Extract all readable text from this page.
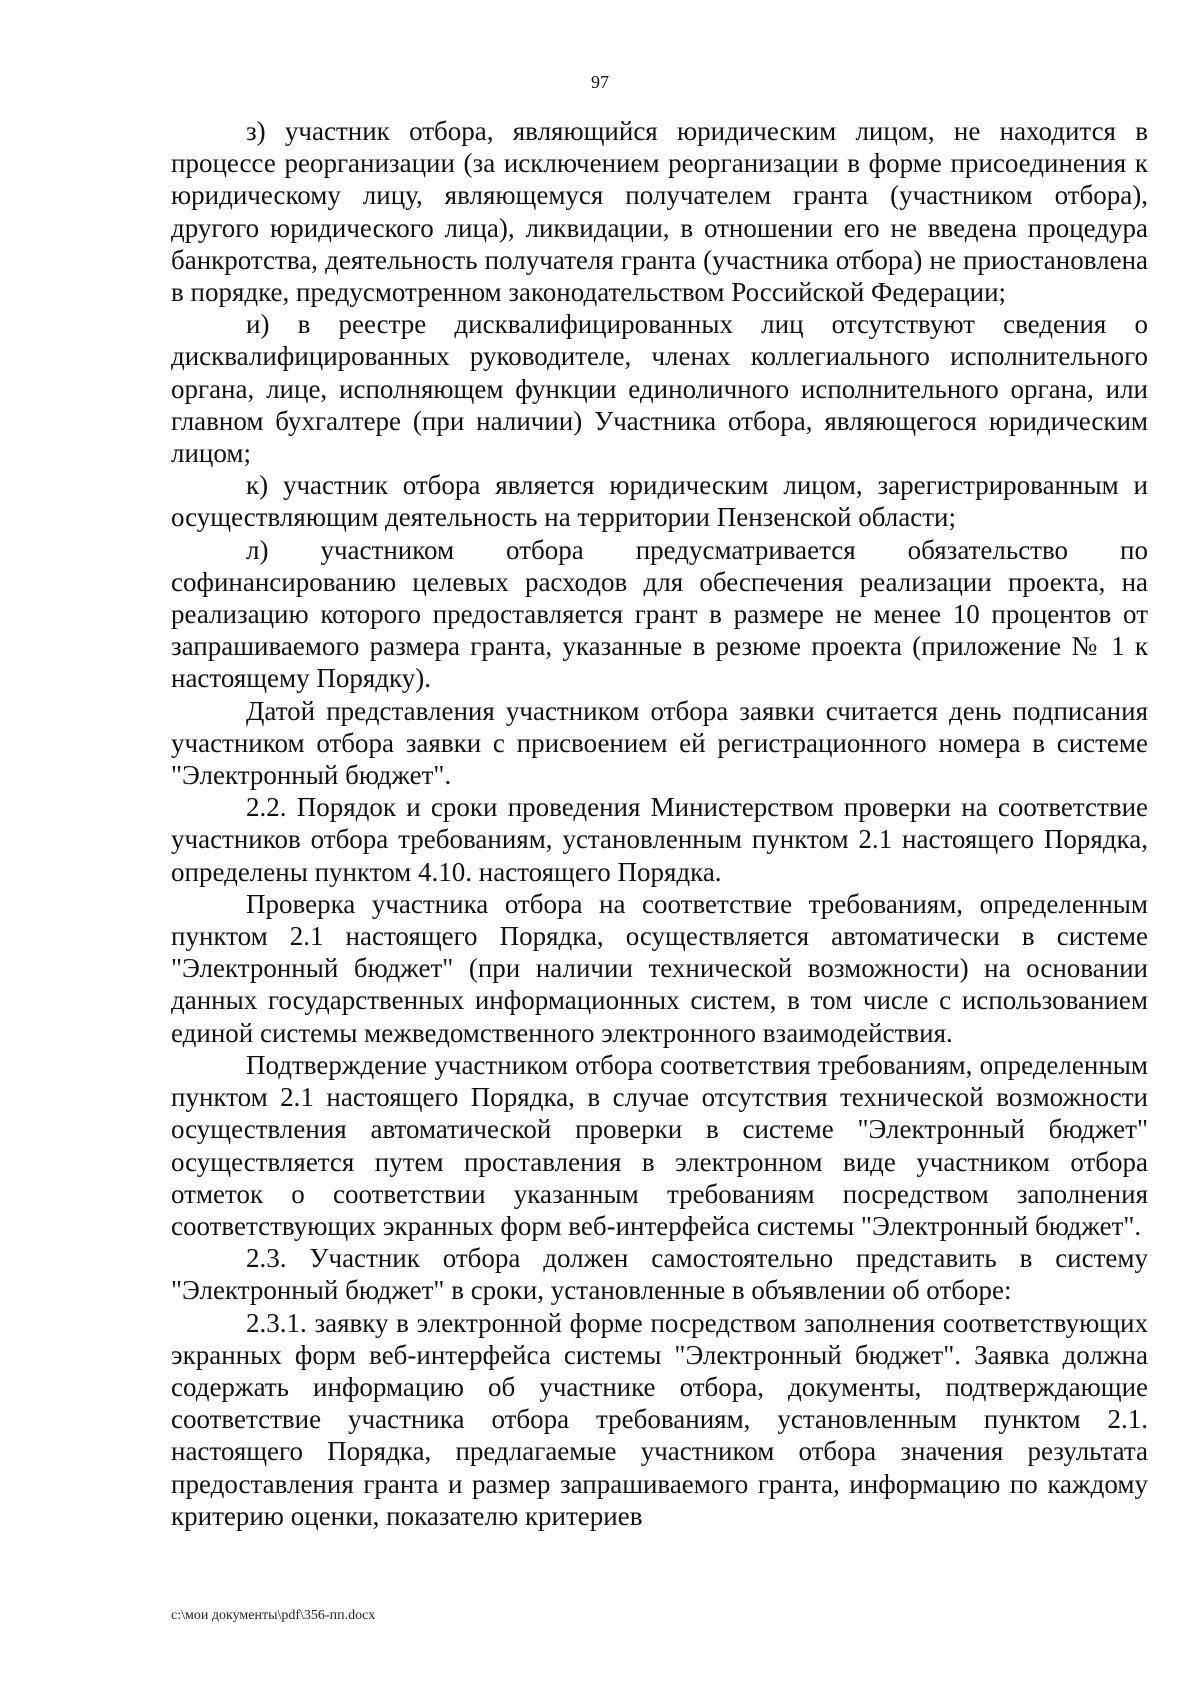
97

з) участник отбора, являющийся юридическим лицом, не находится в процессе реорганизации (за исключением реорганизации в форме присоединения к юридическому лицу, являющемуся получателем гранта (участником отбора), другого юридического лица), ликвидации, в отношении его не введена процедура банкротства, деятельность получателя гранта (участника отбора) не приостановлена в порядке, предусмотренном законодательством Российской Федерации;

и) в реестре дисквалифицированных лиц отсутствуют сведения о дисквалифицированных руководителе, членах коллегиального исполнительного органа, лице, исполняющем функции единоличного исполнительного органа, или главном бухгалтере (при наличии) Участника отбора, являющегося юридическим лицом;

к) участник отбора является юридическим лицом, зарегистрированным и осуществляющим деятельность на территории Пензенской области;

л) участником отбора предусматривается обязательство по софинансированию целевых расходов для обеспечения реализации проекта, на реализацию которого предоставляется грант в размере не менее 10 процентов от запрашиваемого размера гранта, указанные в резюме проекта (приложение № 1 к настоящему Порядку).

Датой представления участником отбора заявки считается день подписания участником отбора заявки с присвоением ей регистрационного номера в системе "Электронный бюджет".

2.2. Порядок и сроки проведения Министерством проверки на соответствие участников отбора требованиям, установленным пунктом 2.1 настоящего Порядка, определены пунктом 4.10. настоящего Порядка.

Проверка участника отбора на соответствие требованиям, определенным пунктом 2.1 настоящего Порядка, осуществляется автоматически в системе "Электронный бюджет" (при наличии технической возможности) на основании данных государственных информационных систем, в том числе с использованием единой системы межведомственного электронного взаимодействия.

Подтверждение участником отбора соответствия требованиям, определенным пунктом 2.1 настоящего Порядка, в случае отсутствия технической возможности осуществления автоматической проверки в системе "Электронный бюджет" осуществляется путем проставления в электронном виде участником отбора отметок о соответствии указанным требованиям посредством заполнения соответствующих экранных форм веб-интерфейса системы "Электронный бюджет".

2.3. Участник отбора должен самостоятельно представить в систему "Электронный бюджет" в сроки, установленные в объявлении об отборе:

2.3.1. заявку в электронной форме посредством заполнения соответствующих экранных форм веб-интерфейса системы "Электронный бюджет". Заявка должна содержать информацию об участнике отбора, документы, подтверждающие соответствие участника отбора требованиям, установленным пунктом 2.1. настоящего Порядка, предлагаемые участником отбора значения результата предоставления гранта и размер запрашиваемого гранта, информацию по каждому критерию оценки, показателю критериев

c:\мои документы\pdf\356-пп.docx
